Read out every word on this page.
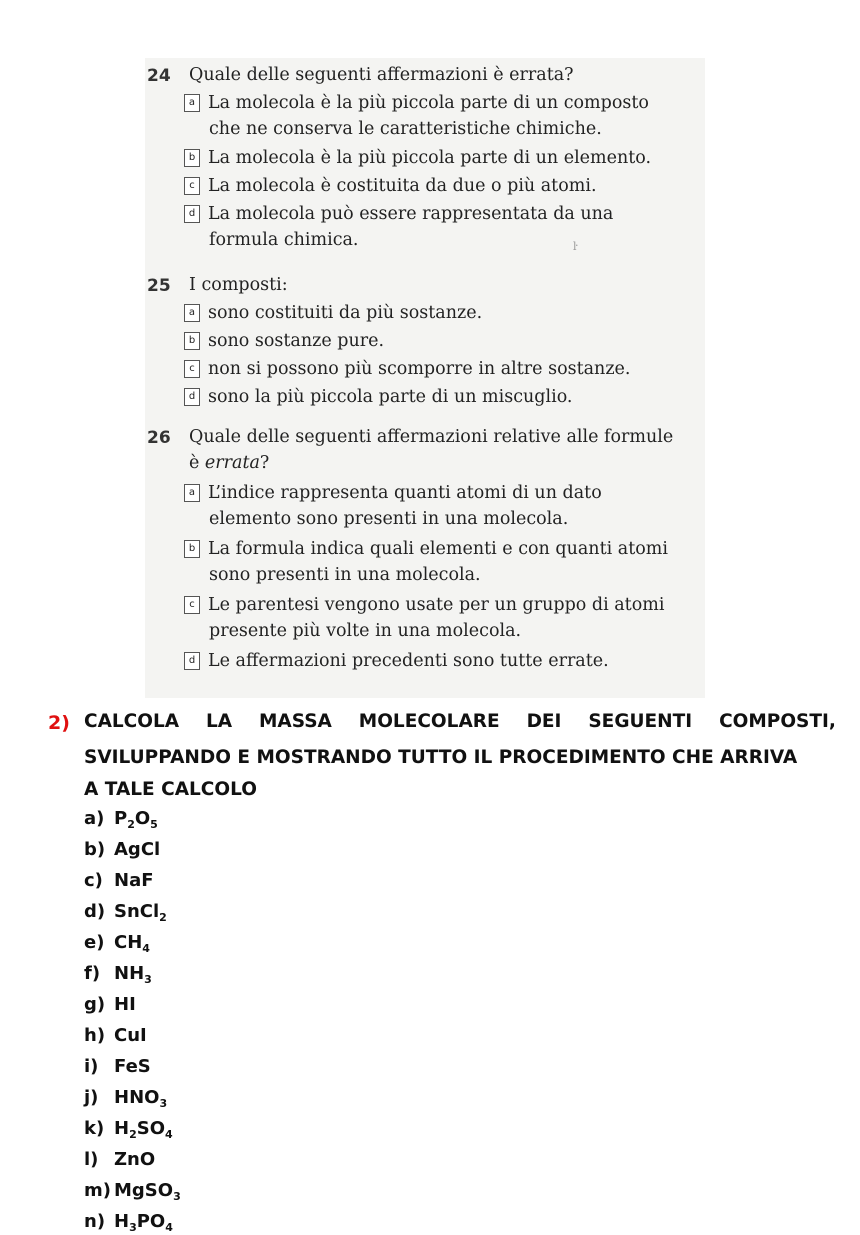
24 Quale delle seguenti affermazioni è errata?
a La molecola è la più piccola parte di un composto
che ne conserva le caratteristiche chimiche.
b La molecola è la più piccola parte di un elemento.
c La molecola è costituita da due o più atomi.
d La molecola può essere rappresentata da una
formula chimica.	ŀ
25 I composti:
a sono costituiti da più sostanze.
b sono sostanze pure.
c non si possono più scomporre in altre sostanze.
d sono la più piccola parte di un miscuglio.
26 Quale delle seguenti affermazioni relative alle formule
è errata?
a L’indice rappresenta quanti atomi di un dato
elemento sono presenti in una molecola.
b La formula indica quali elementi e con quanti atomi
sono presenti in una molecola.
c Le parentesi vengono usate per un gruppo di atomi
presente più volte in una molecola.
d Le affermazioni precedenti sono tutte errate.
2) CALCOLA LA MASSA MOLECOLARE DEI SEGUENTI COMPOSTI,
SVILUPPANDO E MOSTRANDO TUTTO IL PROCEDIMENTO CHE ARRIVA
A TALE CALCOLO
a) $P_2O_5$
b) AgCl
c) NaF
d) SnCl$_2$
e) $CH_4$
f) $NH_3$
g) HI
h) CuI
i) FeS
j) $HNO_3$
k) $H_2SO_4$
l) ZnO
m) MgSO$_3$
n) $H_3PO_4$
